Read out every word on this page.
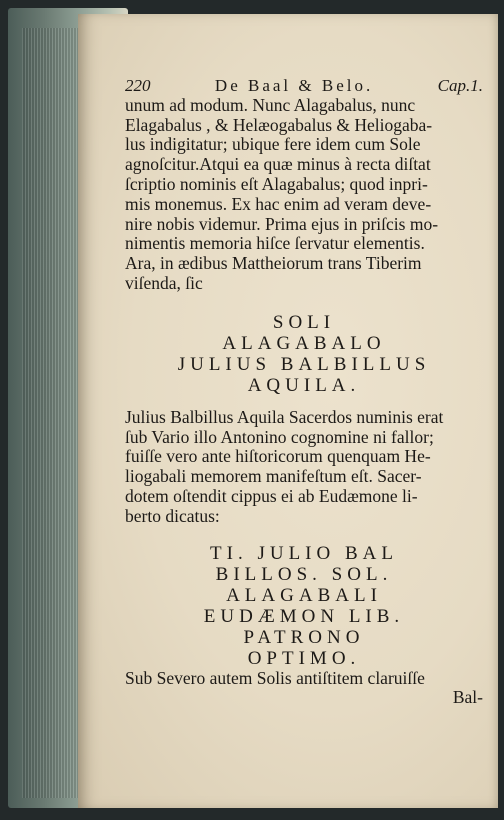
220	De Baal & Belo.	Cap.1.
unum ad modum. Nunc Alagabalus, nunc
Elagabalus , & Helæogabalus & Heliogaba-
lus indigitatur; ubique fere idem cum Sole
agnoſcitur.Atqui ea quæ minus à recta diſtat
ſcriptio nominis eſt Alagabalus; quod inpri-
mis monemus. Ex hac enim ad veram deve-
nire nobis videmur. Prima ejus in priſcis mo-
nimentis memoria hiſce ſervatur elementis.
Ara, in ædibus Mattheiorum trans Tiberim
viſenda, ſic
SOLI
ALAGABALO
JULIUS BALBILLUS
AQUILA.
Julius Balbillus Aquila Sacerdos numinis erat
ſub Vario illo Antonino cognomine ni fallor;
fuiſſe vero ante hiſtoricorum quenquam He-
liogabali memorem manifeſtum eſt. Sacer-
dotem oſtendit cippus ei ab Eudæmone li-
berto dicatus:
TI. JULIO BAL
BILLOS. SOL.
ALAGABALI
EUDÆMON LIB.
PATRONO
OPTIMO.
Sub Severo autem Solis antiſtitem claruiſſe
Bal-
